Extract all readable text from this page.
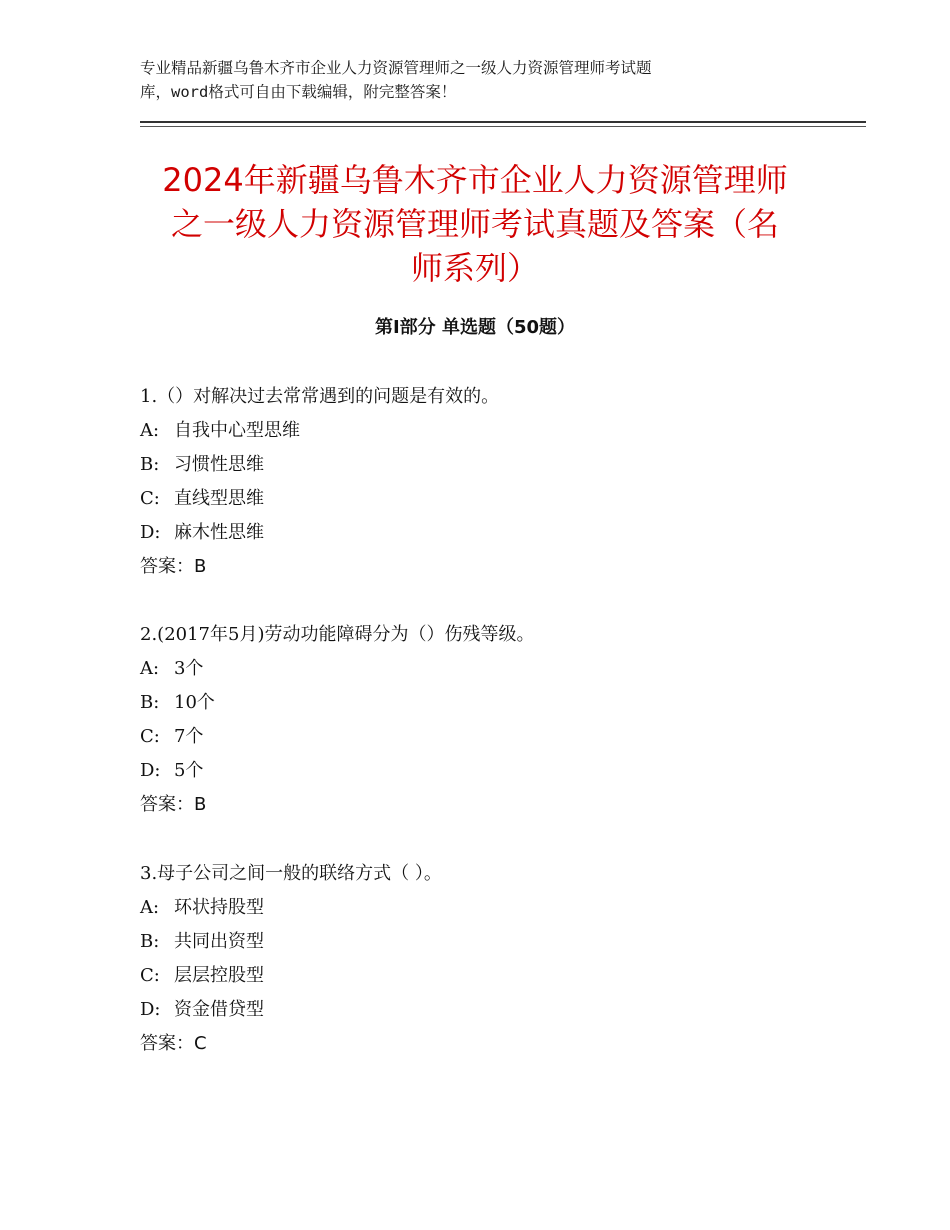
专业精品新疆乌鲁木齐市企业人力资源管理师之一级人力资源管理师考试题
库，word格式可自由下载编辑，附完整答案！
2024年新疆乌鲁木齐市企业人力资源管理师
之一级人力资源管理师考试真题及答案（名
师系列）
第Ⅰ部分 单选题（50题）
1.（）对解决过去常常遇到的问题是有效的。
A: 自我中心型思维
B: 习惯性思维
C: 直线型思维
D: 麻木性思维
答案：B
2.(2017年5月)劳动功能障碍分为（）伤残等级。
A: 3个
B: 10个
C: 7个
D: 5个
答案：B
3.母子公司之间一般的联络方式（ ）。
A: 环状持股型
B: 共同出资型
C: 层层控股型
D: 资金借贷型
答案：C
